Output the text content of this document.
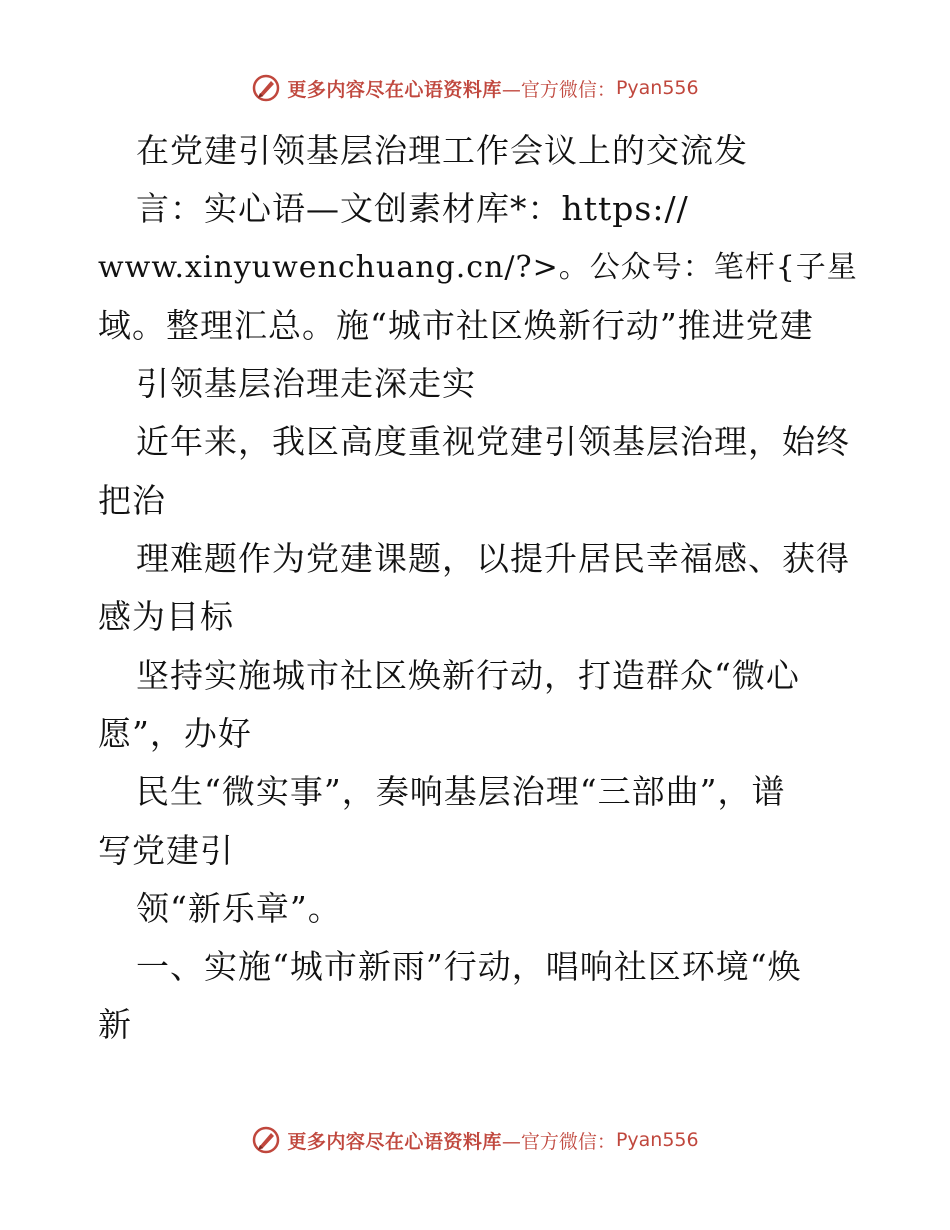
更多内容尽在心语资料库 —官方微信： Pyan556
在党建引领基层治理工作会议上的交流发
言：实心语—文创素材库*：https://
www.xinyuwenchuang.cn/?>。公众号：笔杆{子星
域。整理汇总。施“城市社区焕新行动”推进党建
引领基层治理走深走实
近年来，我区高度重视党建引领基层治理，始终
把治
理难题作为党建课题，以提升居民幸福感、获得
感为目标
坚持实施城市社区焕新行动，打造群众“微心
愿”，办好
民生“微实事”，奏响基层治理“三部曲”，谱
写党建引
领“新乐章”。
一、实施“城市新雨”行动，唱响社区环境“焕
新
更多内容尽在心语资料库 —官方微信： Pyan556
